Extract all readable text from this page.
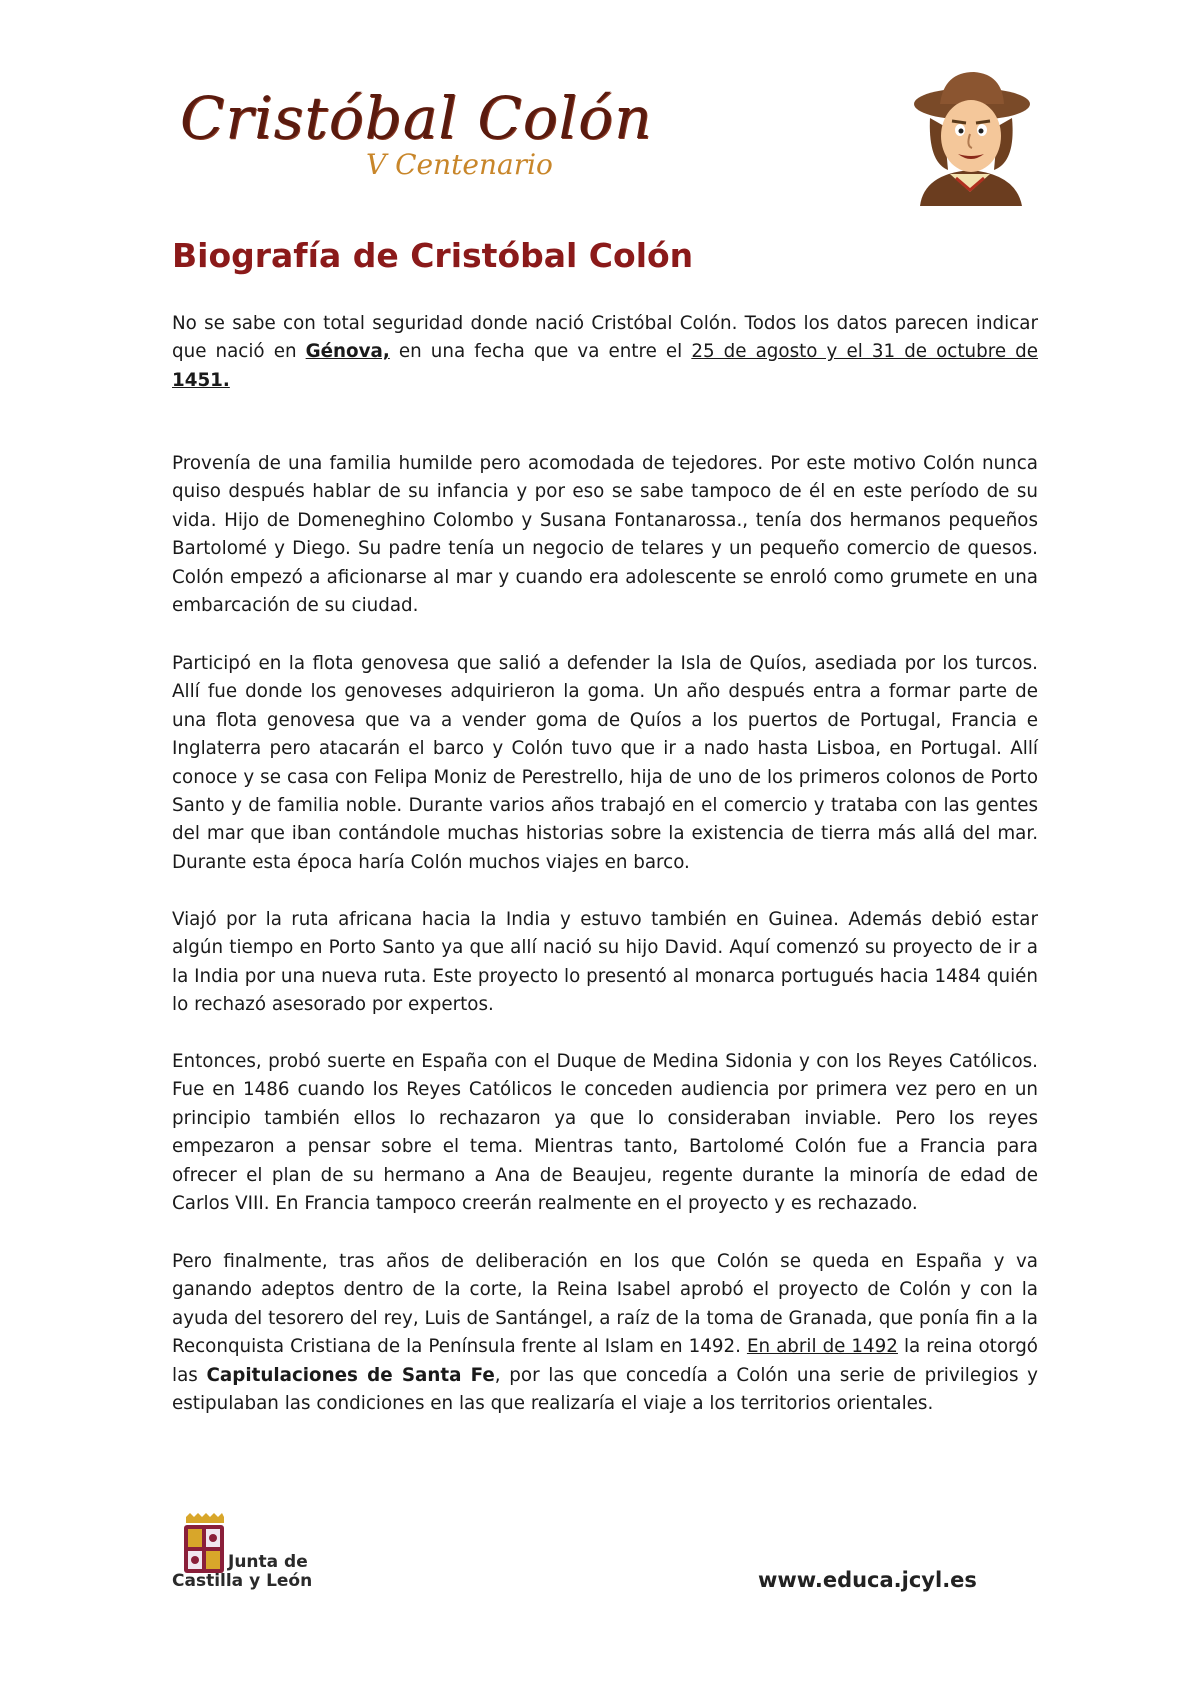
Cristóbal Colón
V Centenario
Biografía de Cristóbal Colón
No se sabe con total seguridad donde nació Cristóbal Colón. Todos los datos parecen indicar que nació en Génova, en una fecha que va entre el 25 de agosto y el 31 de octubre de 1451.
Provenía de una familia humilde pero acomodada de tejedores. Por este motivo Colón nunca quiso después hablar de su infancia y por eso se sabe tampoco de él en este período de su vida. Hijo de Domeneghino Colombo y Susana Fontanarossa., tenía dos hermanos pequeños Bartolomé y Diego. Su padre tenía un negocio de telares y un pequeño comercio de quesos. Colón empezó a aficionarse al mar y cuando era adolescente se enroló como grumete en una embarcación de su ciudad.
Participó en la flota genovesa que salió a defender la Isla de Quíos, asediada por los turcos. Allí fue donde los genoveses adquirieron la goma. Un año después entra a formar parte de una flota genovesa que va a vender goma de Quíos a los puertos de Portugal, Francia e Inglaterra pero atacarán el barco y Colón tuvo que ir a nado hasta Lisboa, en Portugal. Allí conoce y se casa con Felipa Moniz de Perestrello, hija de uno de los primeros colonos de Porto Santo y de familia noble. Durante varios años trabajó en el comercio y trataba con las gentes del mar que iban contándole muchas historias sobre la existencia de tierra más allá del mar. Durante esta época haría Colón muchos viajes en barco.
Viajó por la ruta africana hacia la India y estuvo también en Guinea. Además debió estar algún tiempo en Porto Santo ya que allí nació su hijo David. Aquí comenzó su proyecto de ir a la India por una nueva ruta. Este proyecto lo presentó al monarca portugués hacia 1484 quién lo rechazó asesorado por expertos.
Entonces, probó suerte en España con el Duque de Medina Sidonia y con los Reyes Católicos. Fue en 1486 cuando los Reyes Católicos le conceden audiencia por primera vez pero en un principio también ellos lo rechazaron ya que lo consideraban inviable. Pero los reyes empezaron a pensar sobre el tema. Mientras tanto, Bartolomé Colón fue a Francia para ofrecer el plan de su hermano a Ana de Beaujeu, regente durante la minoría de edad de Carlos VIII. En Francia tampoco creerán realmente en el proyecto y es rechazado.
Pero finalmente, tras años de deliberación en los que Colón se queda en España y va ganando adeptos dentro de la corte, la Reina Isabel aprobó el proyecto de Colón y con la ayuda del tesorero del rey, Luis de Santángel, a raíz de la toma de Granada, que ponía fin a la Reconquista Cristiana de la Península frente al Islam en 1492. En abril de 1492 la reina otorgó las Capitulaciones de Santa Fe, por las que concedía a Colón una serie de privilegios y estipulaban las condiciones en las que realizaría el viaje a los territorios orientales.
Junta de
Castilla y León	www.educa.jcyl.es
